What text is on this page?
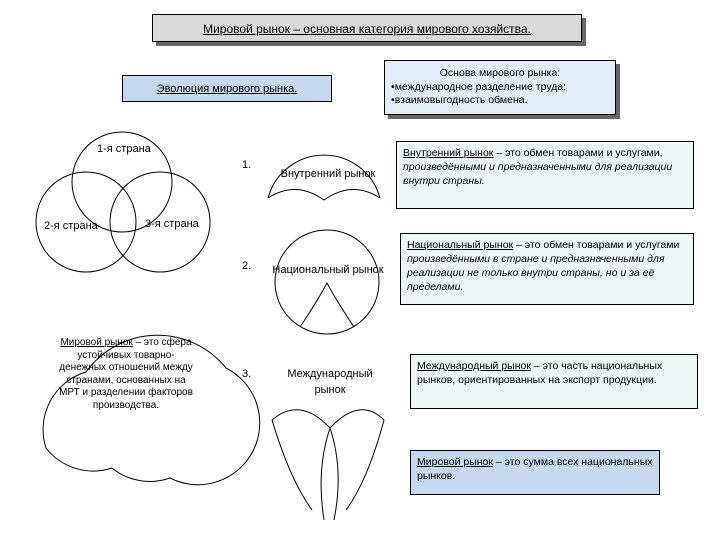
Мировой рынок – основная категория мирового хозяйства.
Эволюция мирового рынка.
Основа мирового рынка:
•международное разделение труда;
•взаимовыгодность обмена.
1-я страна
2-я страна	3-я страна
Мировой рынок – это сфера устойчивых товарно-денежных отношений между странами, основанных на МРТ и разделении факторов производства.
1.
Внутренний рынок
2. Национальный рынок
3.	Международный рынок
Внутренний рынок – это обмен товарами и услугами, произведёнными и предназначенными для реализации внутри страны.
Национальный рынок – это обмен товарами и услугами произведёнными в стране и предназначенными для реализации не только внутри страны, но и за её пределами.
Международный рынок – это часть национальных рынков, ориентированных на экспорт продукции.
Мировой рынок – это сумма всех национальных рынков.
